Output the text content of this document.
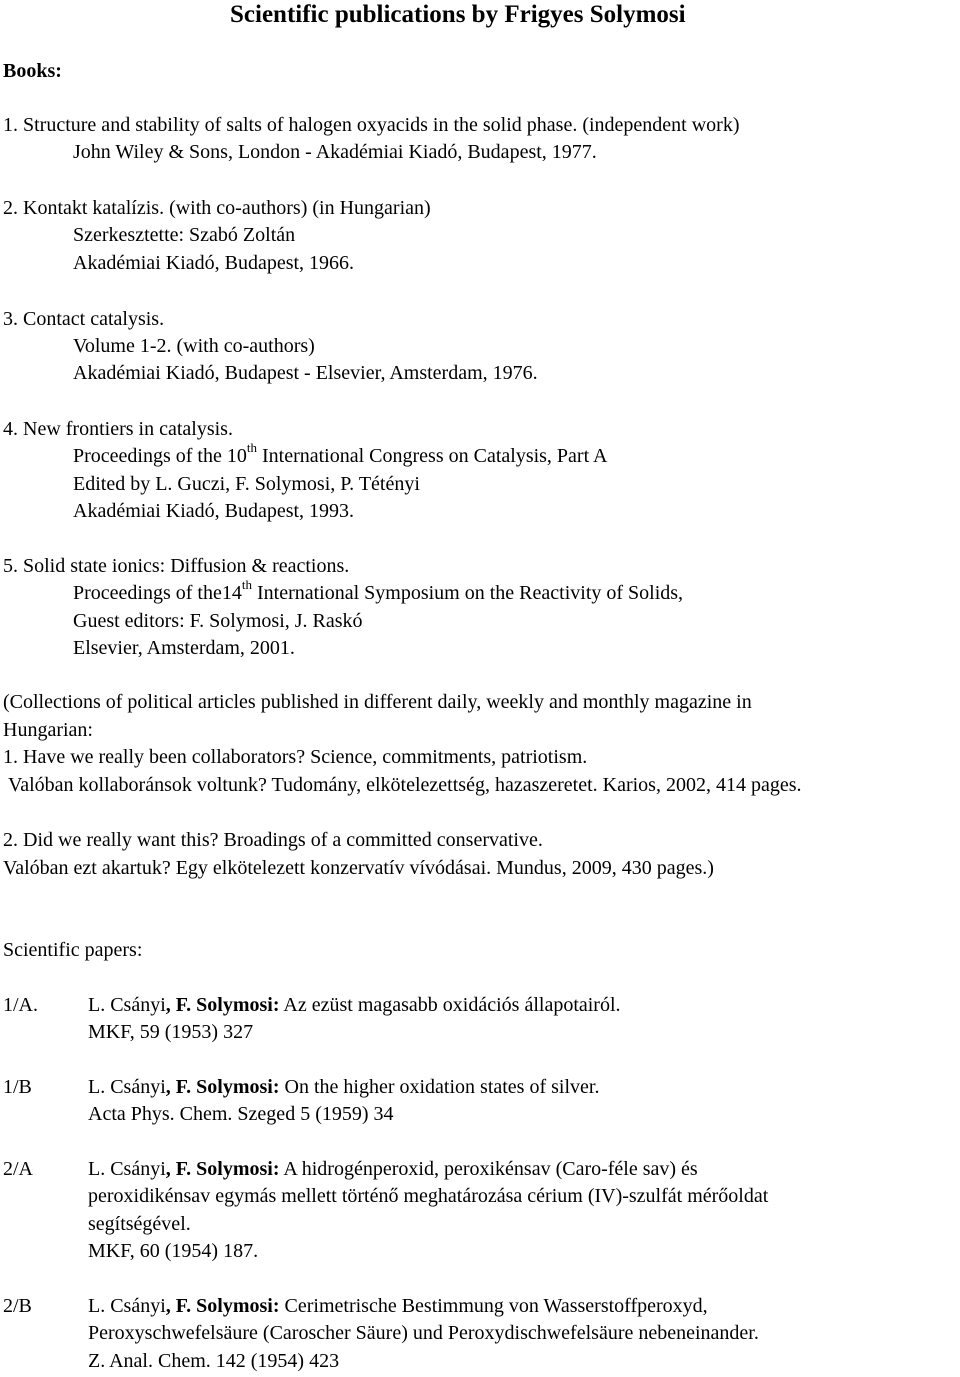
Scientific publications by Frigyes Solymosi
Books:
1. Structure and stability of salts of halogen oxyacids in the solid phase. (independent work)
John Wiley & Sons, London - Akadémiai Kiadó, Budapest, 1977.
2. Kontakt katalízis. (with co-authors) (in Hungarian)
Szerkesztette: Szabó Zoltán
Akadémiai Kiadó, Budapest, 1966.
3. Contact catalysis.
Volume 1-2. (with co-authors)
Akadémiai Kiadó, Budapest - Elsevier, Amsterdam, 1976.
4. New frontiers in catalysis.
Proceedings of the 10th International Congress on Catalysis, Part A
Edited by L. Guczi, F. Solymosi, P. Tétényi
Akadémiai Kiadó, Budapest, 1993.
5. Solid state ionics: Diffusion & reactions.
Proceedings of the14th International Symposium on the Reactivity of Solids,
Guest editors: F. Solymosi, J. Raskó
Elsevier, Amsterdam, 2001.
(Collections of political articles published in different daily, weekly and monthly magazine in
Hungarian:
1. Have we really been collaborators? Science, commitments, patriotism.
Valóban kollaboránsok voltunk? Tudomány, elkötelezettség, hazaszeretet. Karios, 2002, 414 pages.
2. Did we really want this? Broadings of a committed conservative.
Valóban ezt akartuk? Egy elkötelezett konzervatív vívódásai. Mundus, 2009, 430 pages.)
Scientific papers:
1/A.	L. Csányi, F. Solymosi: Az ezüst magasabb oxidációs állapotairól.
MKF, 59 (1953) 327
1/B	L. Csányi, F. Solymosi: On the higher oxidation states of silver.
Acta Phys. Chem. Szeged 5 (1959) 34
2/A	L. Csányi, F. Solymosi: A hidrogénperoxid, peroxikénsav (Caro-féle sav) és
peroxidikénsav egymás mellett történő meghatározása cérium (IV)-szulfát mérőoldat
segítségével.
MKF, 60 (1954) 187.
2/B	L. Csányi, F. Solymosi: Cerimetrische Bestimmung von Wasserstoffperoxyd,
Peroxyschwefelsäure (Caroscher Säure) und Peroxydischwefelsäure nebeneinander.
Z. Anal. Chem. 142 (1954) 423
